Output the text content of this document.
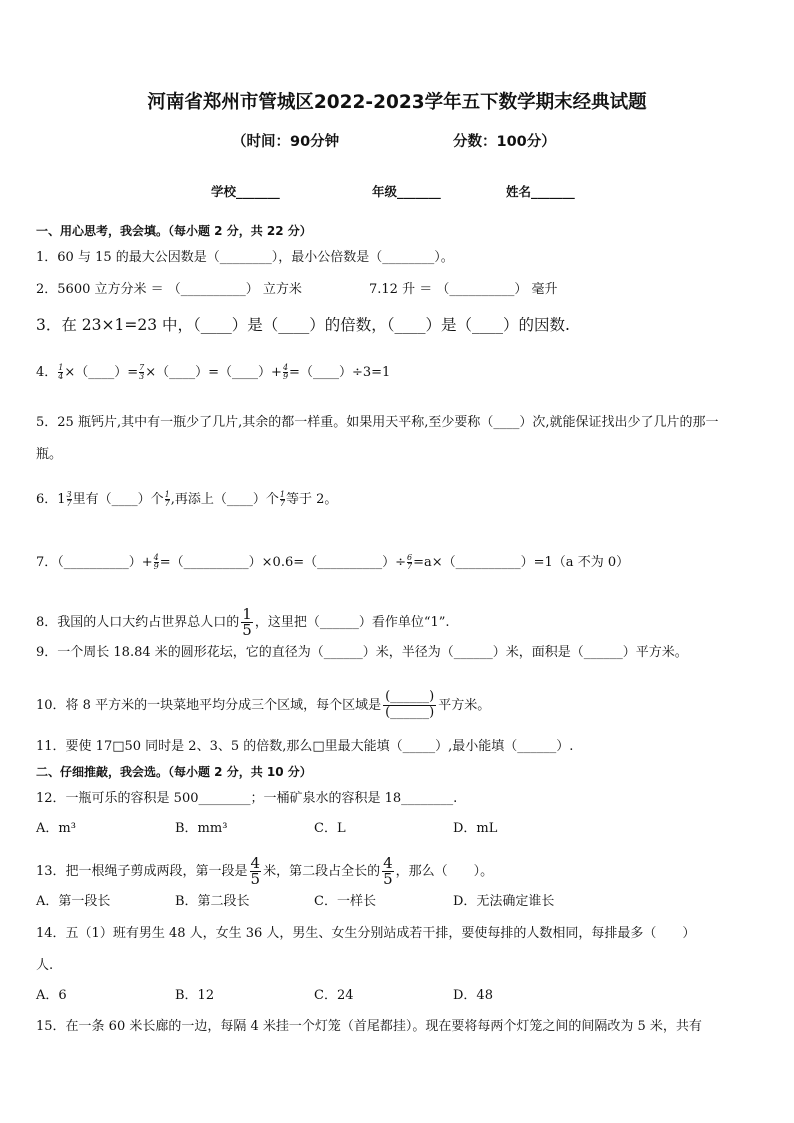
河南省郑州市管城区2022-2023学年五下数学期末经典试题
（时间：90分钟	分数：100分）
学校_______	年级_______	姓名_______
一、用心思考，我会填。（每小题 2 分，共 22 分）
1．60 与 15 的最大公因数是（________），最小公倍数是（________）。
2．5600 立方分米 ＝ （__________） 立方米	7.12 升 ＝ （__________） 毫升
3．在 23×1=23 中，（____）是（____）的倍数，（____）是（____）的因数.
4． $\frac{1}{4}$ ×（____）= $\frac{7}{3}$ ×（____）=（____）+ $\frac{4}{9}$ =（____）÷3=1
5．25 瓶钙片,其中有一瓶少了几片,其余的都一样重。如果用天平称,至少要称（____）次,就能保证找出少了几片的那一
瓶。
6．$1 \frac{3}{7}$ 里有（____）个 $\frac{1}{7}$ ,再添上（____）个 $\frac{1}{7}$ 等于 2。
7．（__________）+ $\frac{4}{9}$ =（__________）×0.6=（__________）÷ $\frac{6}{7}$ =a×（__________）=1（a 不为 0）
8．我国的人口大约占世界总人口的 $\frac{1}{5}$ ，这里把（______）看作单位“1”.
9．一个周长 18.84 米的圆形花坛，它的直径为（______）米，半径为（______）米，面积是（______）平方米。
10．将 8 平方米的一块菜地平均分成三个区域，每个区域是
(______)
(______) 平方米。
11．要使 17□50 同时是 2、3、5 的倍数,那么□里最大能填（_____）,最小能填（______）.
二、仔细推敲，我会选。（每小题 2 分，共 10 分）
12．一瓶可乐的容积是 500________；一桶矿泉水的容积是 18________.
A．m³	B．mm³	C．L	D．mL
13．把一根绳子剪成两段，第一段是 $\frac{4}{5}$ 米，第二段占全长的 $\frac{4}{5}$ ，那么（　　）。
A．第一段长	B．第二段长	C．一样长	D．无法确定谁长
14．五（1）班有男生 48 人，女生 36 人，男生、女生分别站成若干排，要使每排的人数相同，每排最多（　　）
人.
A．6	B．12	C．24	D．48
15．在一条 60 米长廊的一边，每隔 4 米挂一个灯笼（首尾都挂）。现在要将每两个灯笼之间的间隔改为 5 米，共有
